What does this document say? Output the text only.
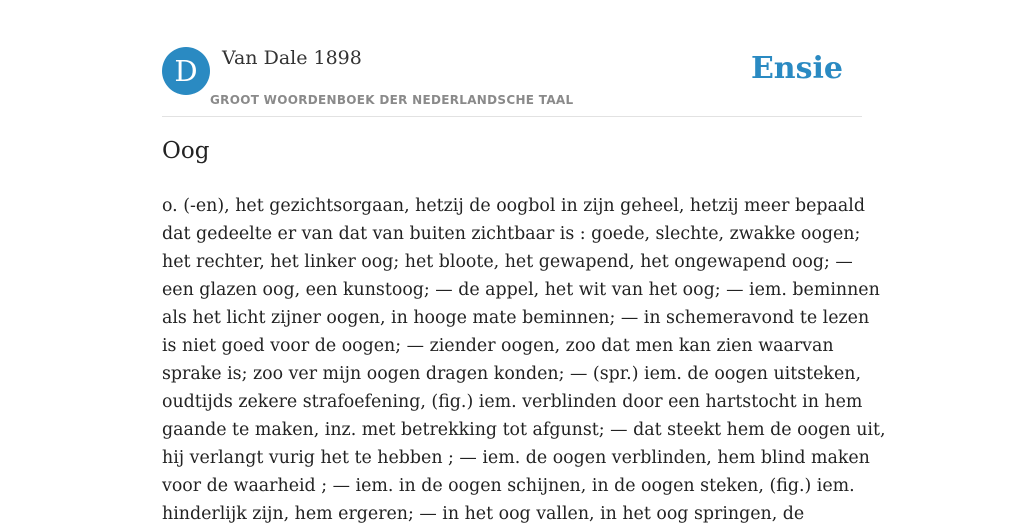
D	Van Dale 1898
GROOT WOORDENBOEK DER NEDERLANDSCHE TAAL
Ensie
Oog

o. (-en), het gezichtsorgaan, hetzij de oogbol in zijn geheel, hetzij meer bepaald
dat gedeelte er van dat van buiten zichtbaar is : goede, slechte, zwakke oogen;
het rechter, het linker oog; het bloote, het gewapend, het ongewapend oog; —
een glazen oog, een kunstoog; — de appel, het wit van het oog; — iem. beminnen
als het licht zijner oogen, in hooge mate beminnen; — in schemeravond te lezen
is niet goed voor de oogen; — ziender oogen, zoo dat men kan zien waarvan
sprake is; zoo ver mijn oogen dragen konden; — (spr.) iem. de oogen uitsteken,
oudtijds zekere strafoefening, (fig.) iem. verblinden door een hartstocht in hem
gaande te maken, inz. met betrekking tot afgunst; — dat steekt hem de oogen uit,
hij verlangt vurig het te hebben ; — iem. de oogen verblinden, hem blind maken
voor de waarheid ; — iem. in de oogen schijnen, in de oogen steken, (fig.) iem.
hinderlijk zijn, hem ergeren; — in het oog vallen, in het oog springen, de
